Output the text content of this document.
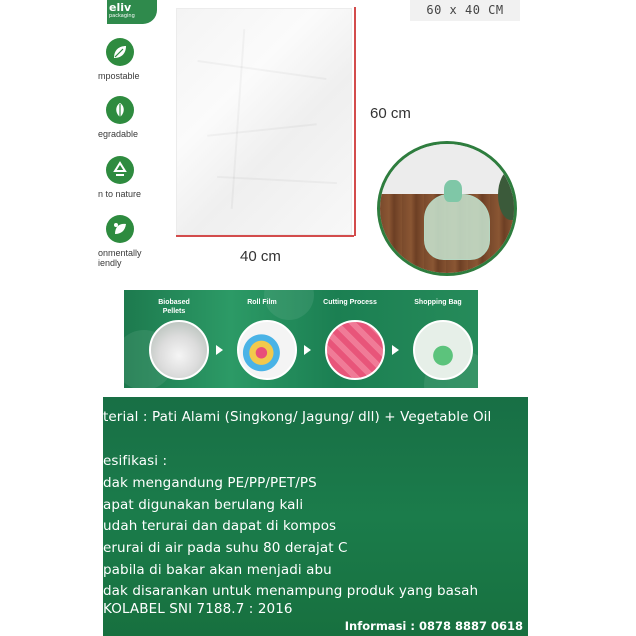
eliv
packaging	60 x 40 CM
mpostable
egradable
n to nature
onmentally
iendly
60 cm
40 cm
Biobased
Pellets
Roll Film	Cutting Process	Shopping Bag
terial : Pati Alami (Singkong/ Jagung/ dll) + Vegetable Oil
esifikasi :
dak mengandung PE/PP/PET/PS
apat digunakan berulang kali
udah terurai dan dapat di kompos
erurai di air pada suhu 80 derajat C
pabila di bakar akan menjadi abu
dak disarankan untuk menampung produk yang basah
KOLABEL SNI 7188.7 : 2016
Informasi : 0878 8887 0618
